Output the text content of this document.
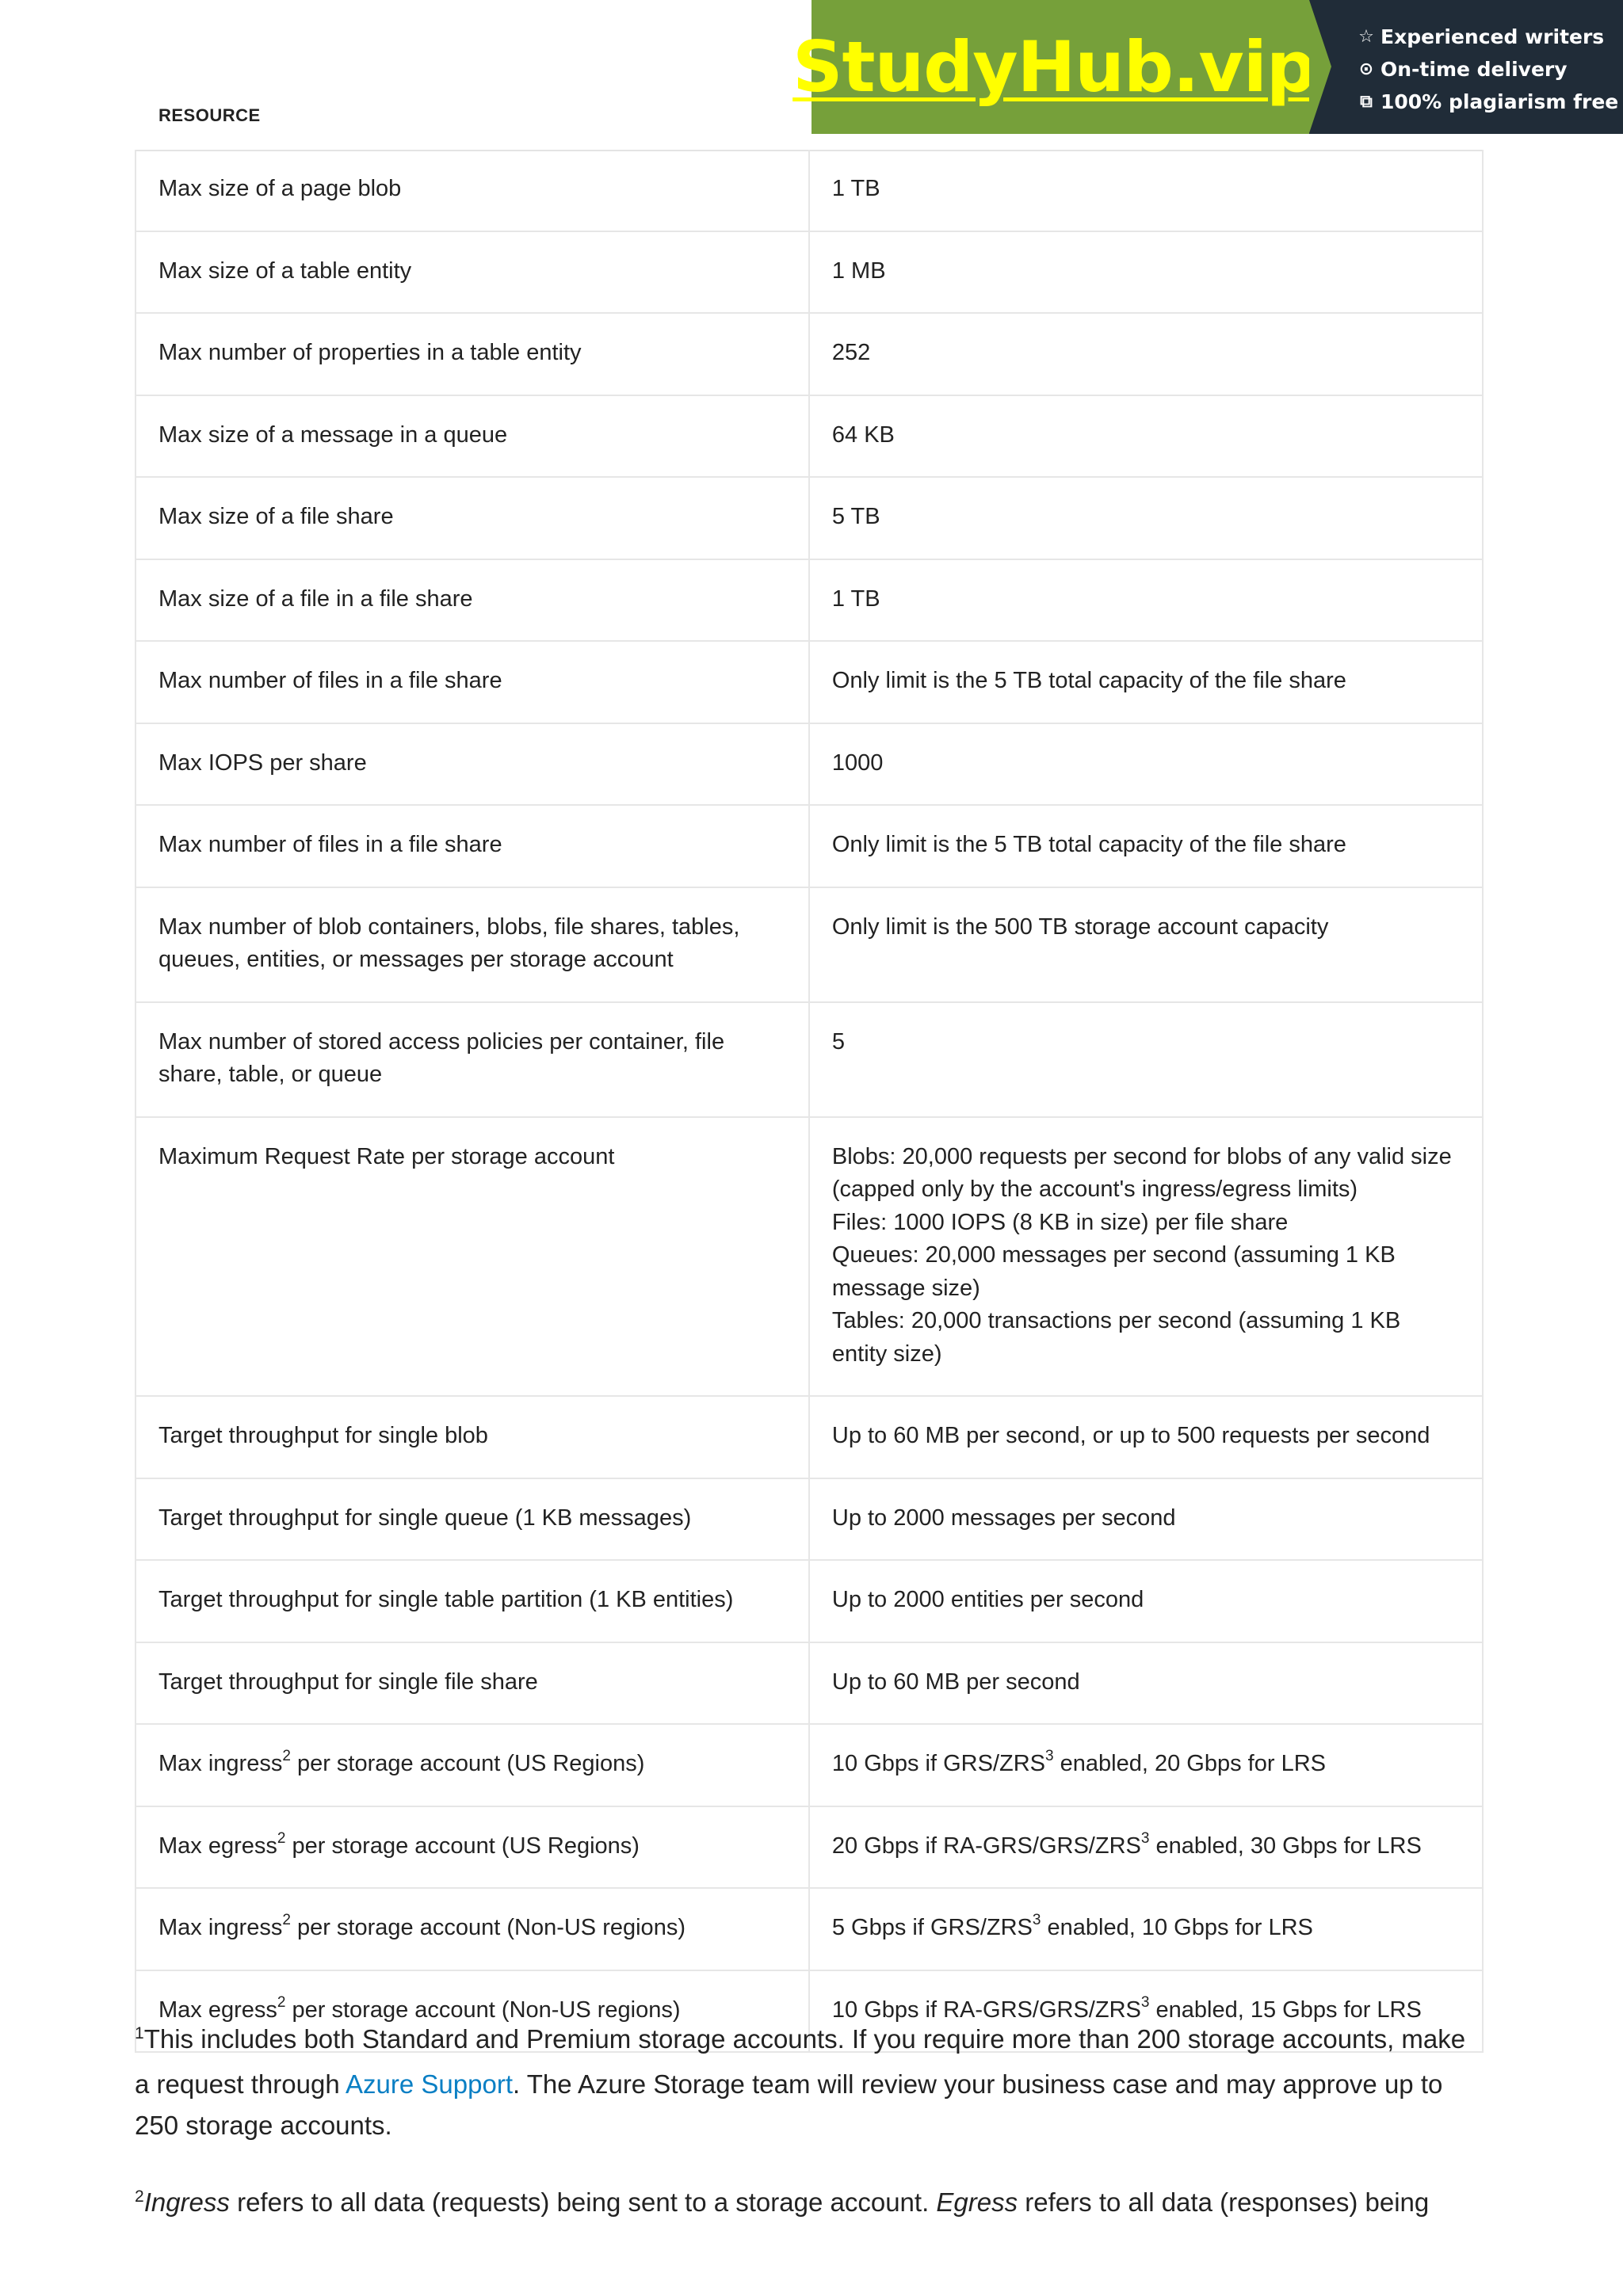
StudyHub.vip ☆ Experienced writers
⊙ On-time delivery
⧉ 100% plagiarism free
RESOURCE
Max size of a page blob	1 TB
Max size of a table entity	1 MB
Max number of properties in a table entity	252
Max size of a message in a queue	64 KB
Max size of a file share	5 TB
Max size of a file in a file share	1 TB
Max number of files in a file share	Only limit is the 5 TB total capacity of the file share
Max IOPS per share	1000
Max number of files in a file share	Only limit is the 5 TB total capacity of the file share
Max number of blob containers, blobs, file shares, tables, queues, entities, or messages per storage account	Only limit is the 500 TB storage account capacity
Max number of stored access policies per container, file share, table, or queue	5
Maximum Request Rate per storage account	Blobs: 20,000 requests per second for blobs of any valid size (capped only by the account's ingress/egress limits)
Files: 1000 IOPS (8 KB in size) per file share
Queues: 20,000 messages per second (assuming 1 KB message size)
Tables: 20,000 transactions per second (assuming 1 KB entity size)

Target throughput for single blob	Up to 60 MB per second, or up to 500 requests per second
Target throughput for single queue (1 KB messages)	Up to 2000 messages per second
Target throughput for single table partition (1 KB entities)	Up to 2000 entities per second
Target throughput for single file share	Up to 60 MB per second
Max ingress$^2$ per storage account (US Regions)	10 Gbps if GRS/ZRS$^3$ enabled, 20 Gbps for LRS
Max egress$^2$ per storage account (US Regions)	20 Gbps if RA-GRS/GRS/ZRS$^3$ enabled, 30 Gbps for LRS
Max ingress$^2$ per storage account (Non-US regions)	5 Gbps if GRS/ZRS$^3$ enabled, 10 Gbps for LRS
Max egress$^2$ per storage account (Non-US regions)	10 Gbps if RA-GRS/GRS/ZRS$^3$ enabled, 15 Gbps for LRS

$^1$This includes both Standard and Premium storage accounts. If you require more than 200 storage accounts, make a request through Azure Support. The Azure Storage team will review your business case and may approve up to 250 storage accounts.

$^2$Ingress refers to all data (requests) being sent to a storage account. Egress refers to all data (responses) being
